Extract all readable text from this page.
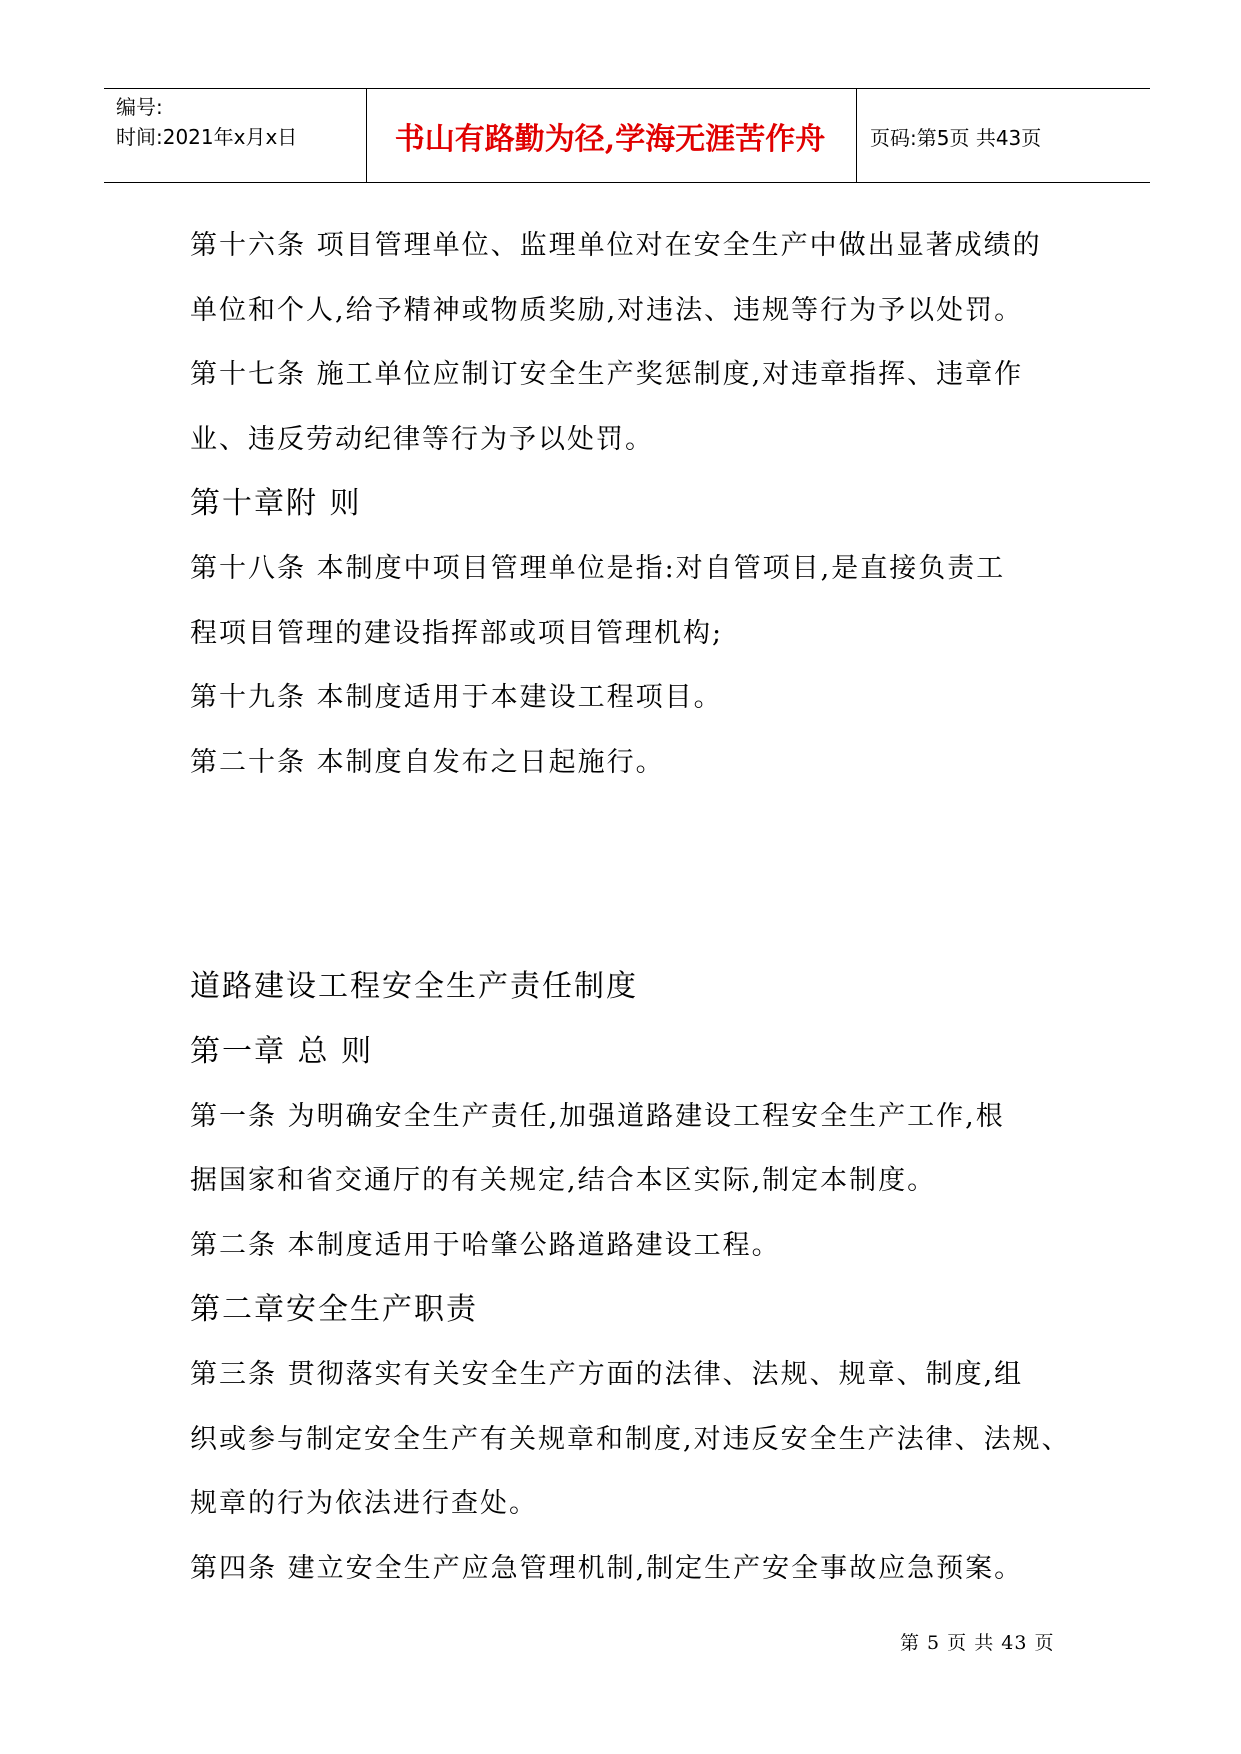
编号:
时间:2021年x月x日	书山有路勤为径,学海无涯苦作舟	页码:第5页 共43页

第十六条 项目管理单位、监理单位对在安全生产中做出显著成绩的

单位和个人,给予精神或物质奖励,对违法、违规等行为予以处罚。

第十七条 施工单位应制订安全生产奖惩制度,对违章指挥、违章作

业、违反劳动纪律等行为予以处罚。

第十章附 则

第十八条 本制度中项目管理单位是指:对自管项目,是直接负责工

程项目管理的建设指挥部或项目管理机构;

第十九条 本制度适用于本建设工程项目。

第二十条 本制度自发布之日起施行。

道路建设工程安全生产责任制度

第一章 总 则

第一条 为明确安全生产责任,加强道路建设工程安全生产工作,根

据国家和省交通厅的有关规定,结合本区实际,制定本制度。

第二条 本制度适用于哈肇公路道路建设工程。

第二章安全生产职责

第三条 贯彻落实有关安全生产方面的法律、法规、规章、制度,组

织或参与制定安全生产有关规章和制度,对违反安全生产法律、法规、

规章的行为依法进行查处。

第四条 建立安全生产应急管理机制,制定生产安全事故应急预案。

第 5 页 共 43 页
